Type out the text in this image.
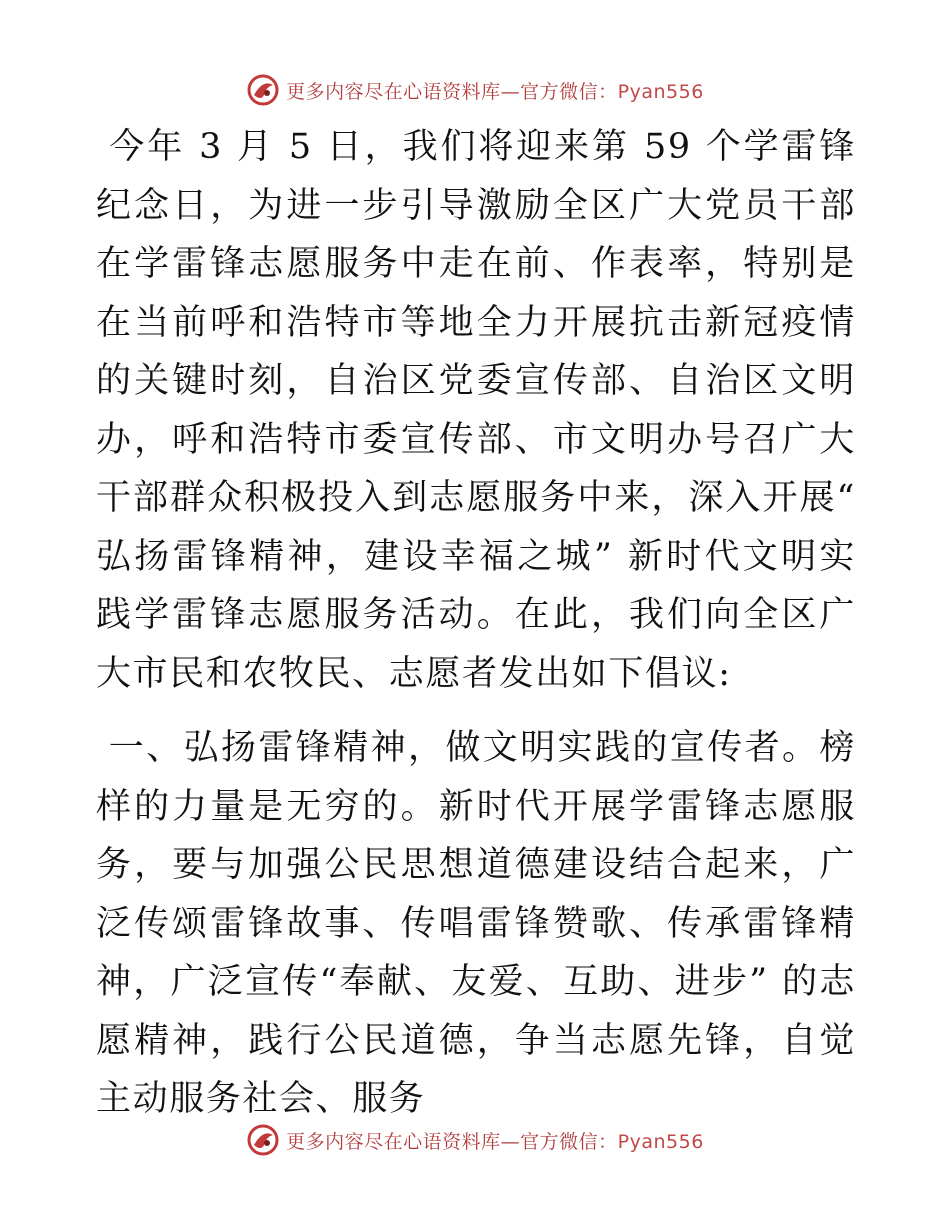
更多内容尽在心语资料库—官方微信：Pyan556

今年 3 月 5 日，我们将迎来第 59 个学雷锋纪念日，为进一步引导激励全区广大党员干部在学雷锋志愿服务中走在前、作表率，特别是在当前呼和浩特市等地全力开展抗击新冠疫情的关键时刻，自治区党委宣传部、自治区文明办，呼和浩特市委宣传部、市文明办号召广大干部群众积极投入到志愿服务中来，深入开展“ 弘扬雷锋精神，建设幸福之城” 新时代文明实践学雷锋志愿服务活动。在此，我们向全区广大市民和农牧民、志愿者发出如下倡议:

一、弘扬雷锋精神，做文明实践的宣传者。榜样的力量是无穷的。新时代开展学雷锋志愿服务，要与加强公民思想道德建设结合起来，广泛传颂雷锋故事、传唱雷锋赞歌、传承雷锋精神，广泛宣传“奉献、友爱、互助、进步” 的志愿精神，践行公民道德，争当志愿先锋，自觉主动服务社会、服务

更多内容尽在心语资料库—官方微信：Pyan556
